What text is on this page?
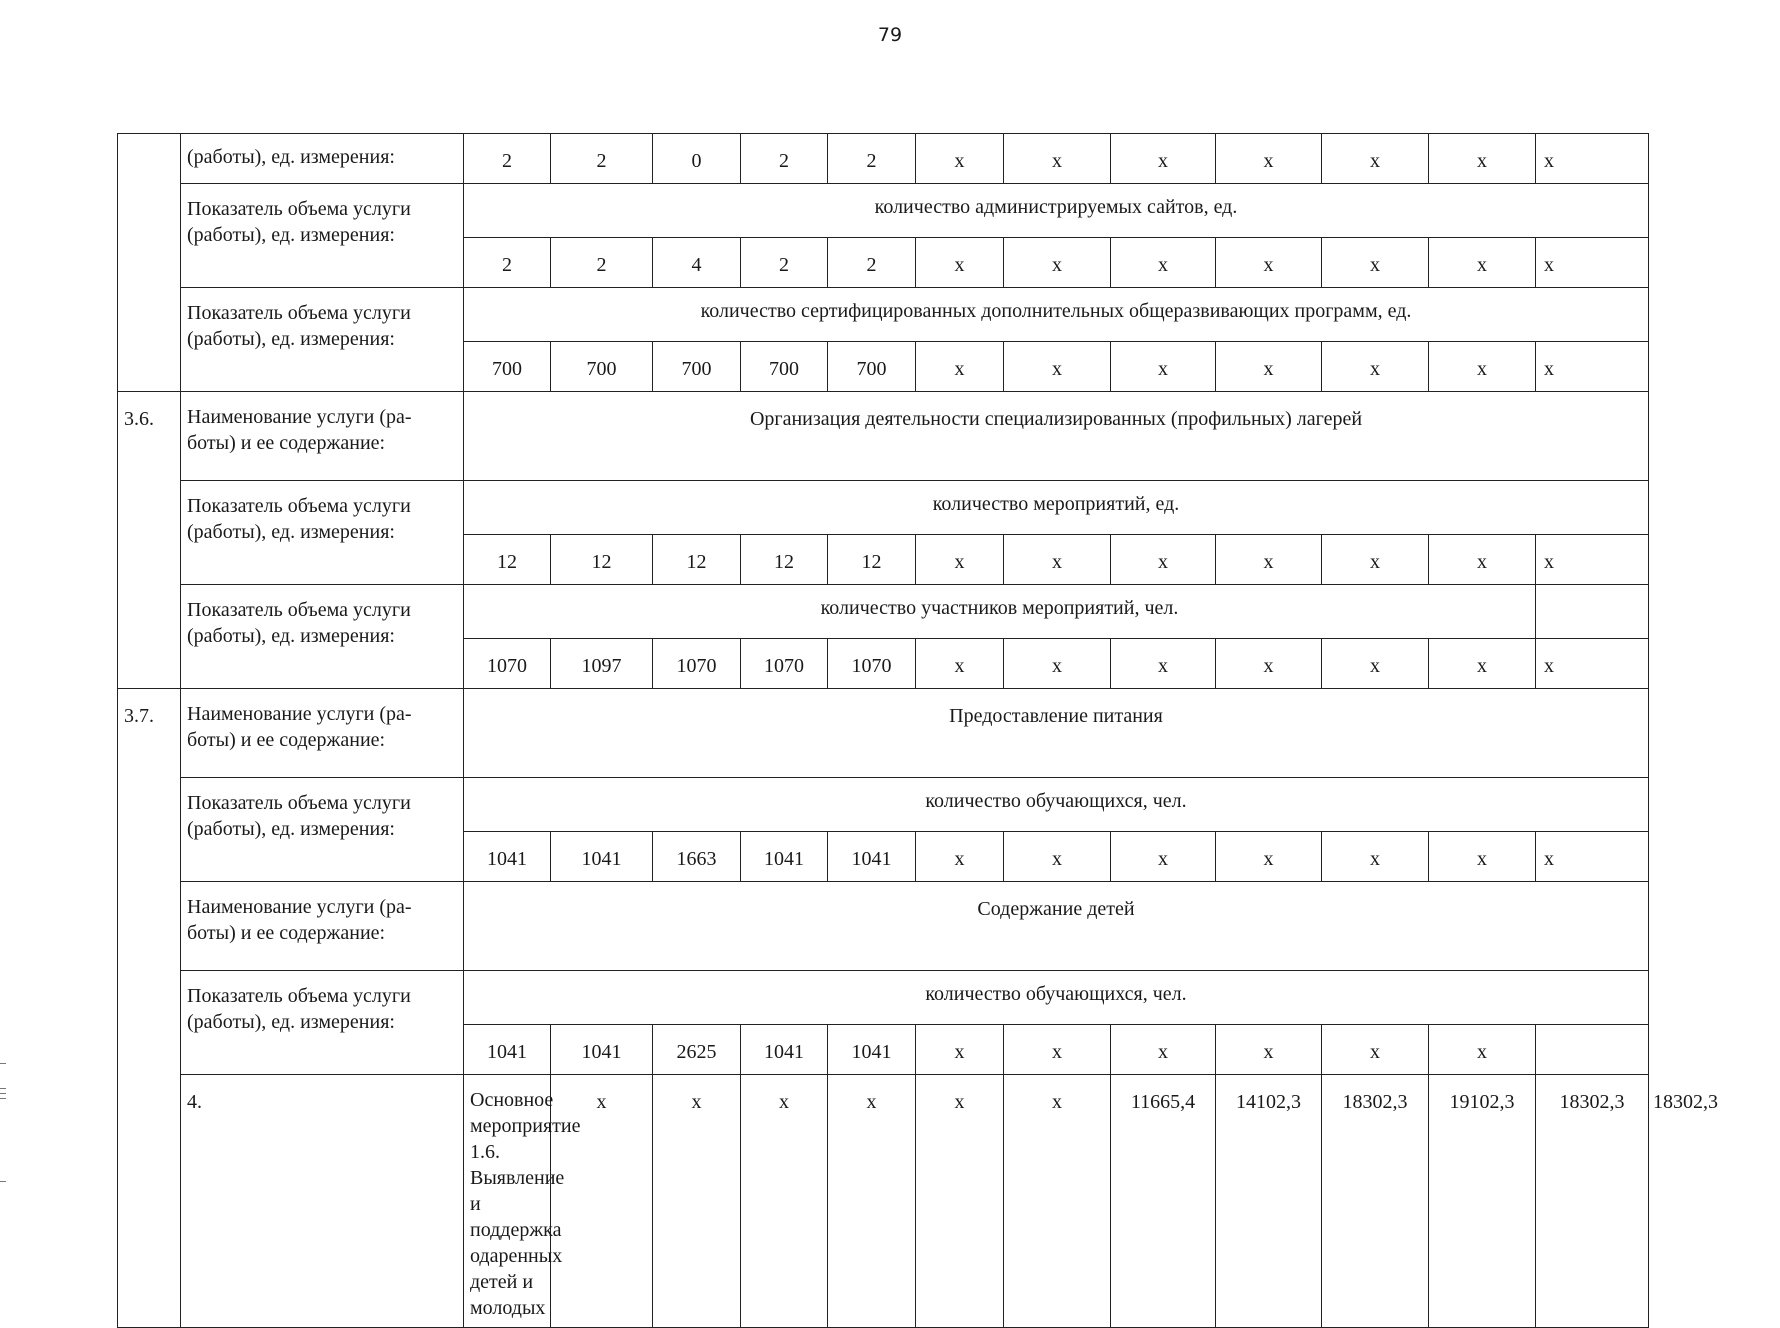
79
	(работы), ед. измерения:	2	2	0	2	2	x	x	x	x	x	x	x	
	Показатель объема услуги (работы), ед. измерения:	количество администрируемых сайтов, ед.												
		2	2	4	2	2	x	x	x	x	x	x	x	
	Показатель объема услуги (работы), ед. измерения:	количество сертифицированных дополнительных общеразвивающих программ, ед.												
		700	700	700	700	700	x	x	x	x	x	x	x	
3.6.	Наименование услуги (ра-боты) и ее содержание:	Организация деятельности специализированных (профильных) лагерей												
	Показатель объема услуги (работы), ед. измерения:	количество мероприятий, ед.												
		12	12	12	12	12	x	x	x	x	x	x	x	
	Показатель объема услуги (работы), ед. измерения:	количество участников мероприятий, чел.												
		1070	1097	1070	1070	1070	x	x	x	x	x	x	x	
3.7.	Наименование услуги (ра-боты) и ее содержание:	Предоставление питания												
	Показатель объема услуги (работы), ед. измерения:	количество обучающихся, чел.												
		1041	1041	1663	1041	1041	x	x	x	x	x	x	x	
	Наименование услуги (ра-боты) и ее содержание:	Содержание детей												
	Показатель объема услуги (работы), ед. измерения:	количество обучающихся, чел.												
		1041	1041	2625	1041	1041	x	x	x	x	x	x		
	4.	Основное мероприятие 1.6. Выявление и поддержка одаренных детей и молодых	x	x	x	x	x	x	11665,4	14102,3	18302,3	19102,3	18302,3	18302,3
